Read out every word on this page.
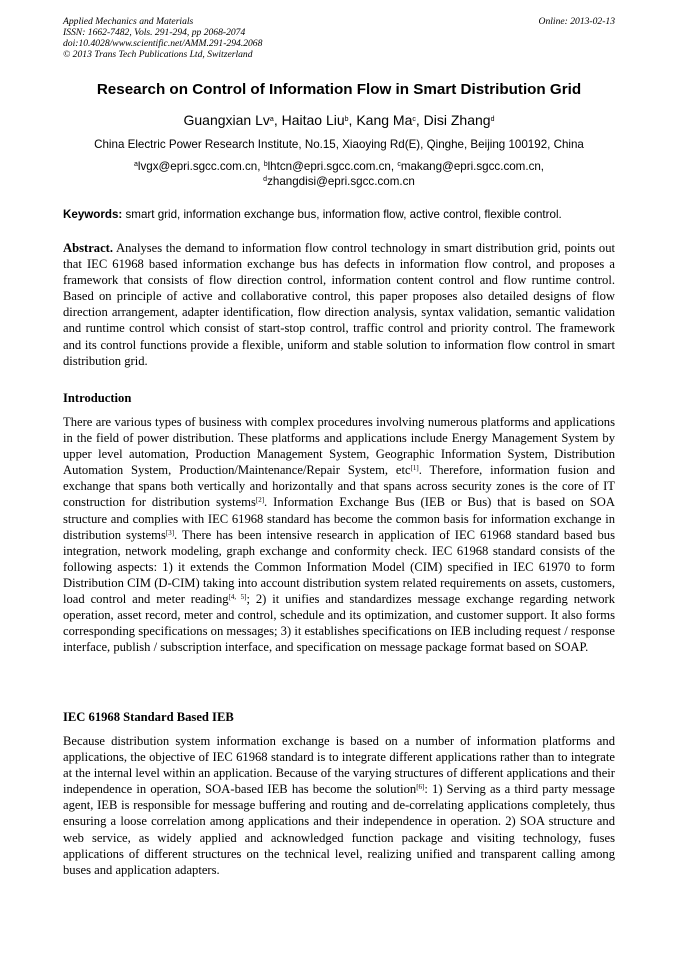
Applied Mechanics and Materials
ISSN: 1662-7482, Vols. 291-294, pp 2068-2074
doi:10.4028/www.scientific.net/AMM.291-294.2068
© 2013 Trans Tech Publications Ltd, Switzerland
Online: 2013-02-13
Research on Control of Information Flow in Smart Distribution Grid
Guangxian Lv$^a$, Haitao Liu$^b$, Kang Ma$^c$, Disi Zhang$^d$
China Electric Power Research Institute, No.15, Xiaoying Rd(E), Qinghe, Beijing 100192, China
$^a$lvgx@epri.sgcc.com.cn, $^b$lhtcn@epri.sgcc.com.cn, $^c$makang@epri.sgcc.com.cn,
$^d$zhangdisi@epri.sgcc.com.cn
Keywords: smart grid, information exchange bus, information flow, active control, flexible control.
Abstract. Analyses the demand to information flow control technology in smart distribution grid, points out that IEC 61968 based information exchange bus has defects in information flow control, and proposes a framework that consists of flow direction control, information content control and flow runtime control. Based on principle of active and collaborative control, this paper proposes also detailed designs of flow direction arrangement, adapter identification, flow direction analysis, syntax validation, semantic validation and runtime control which consist of start-stop control, traffic control and priority control. The framework and its control functions provide a flexible, uniform and stable solution to information flow control in smart distribution grid.
Introduction
There are various types of business with complex procedures involving numerous platforms and applications in the field of power distribution. These platforms and applications include Energy Management System by upper level automation, Production Management System, Geographic Information System, Distribution Automation System, Production/Maintenance/Repair System, etc[1]. Therefore, information fusion and exchange that spans both vertically and horizontally and that spans across security zones is the core of IT construction for distribution systems[2]. Information Exchange Bus (IEB or Bus) that is based on SOA structure and complies with IEC 61968 standard has become the common basis for information exchange in distribution systems[3]. There has been intensive research in application of IEC 61968 standard based bus integration, network modeling, graph exchange and conformity check. IEC 61968 standard consists of the following aspects: 1) it extends the Common Information Model (CIM) specified in IEC 61970 to form Distribution CIM (D-CIM) taking into account distribution system related requirements on assets, customers, load control and meter reading[4, 5]; 2) it unifies and standardizes message exchange regarding network operation, asset record, meter and control, schedule and its optimization, and customer support. It also forms corresponding specifications on messages; 3) it establishes specifications on IEB including request / response interface, publish / subscription interface, and specification on message package format based on SOAP.
IEC 61968 Standard Based IEB
Because distribution system information exchange is based on a number of information platforms and applications, the objective of IEC 61968 standard is to integrate different applications rather than to integrate at the internal level within an application. Because of the varying structures of different applications and their independence in operation, SOA-based IEB has become the solution[6]: 1) Serving as a third party message agent, IEB is responsible for message buffering and routing and de-correlating applications completely, thus ensuring a loose correlation among applications and their independence in operation. 2) SOA structure and web service, as widely applied and acknowledged function package and visiting technology, fuses applications of different structures on the technical level, realizing unified and transparent calling among buses and application adapters.
